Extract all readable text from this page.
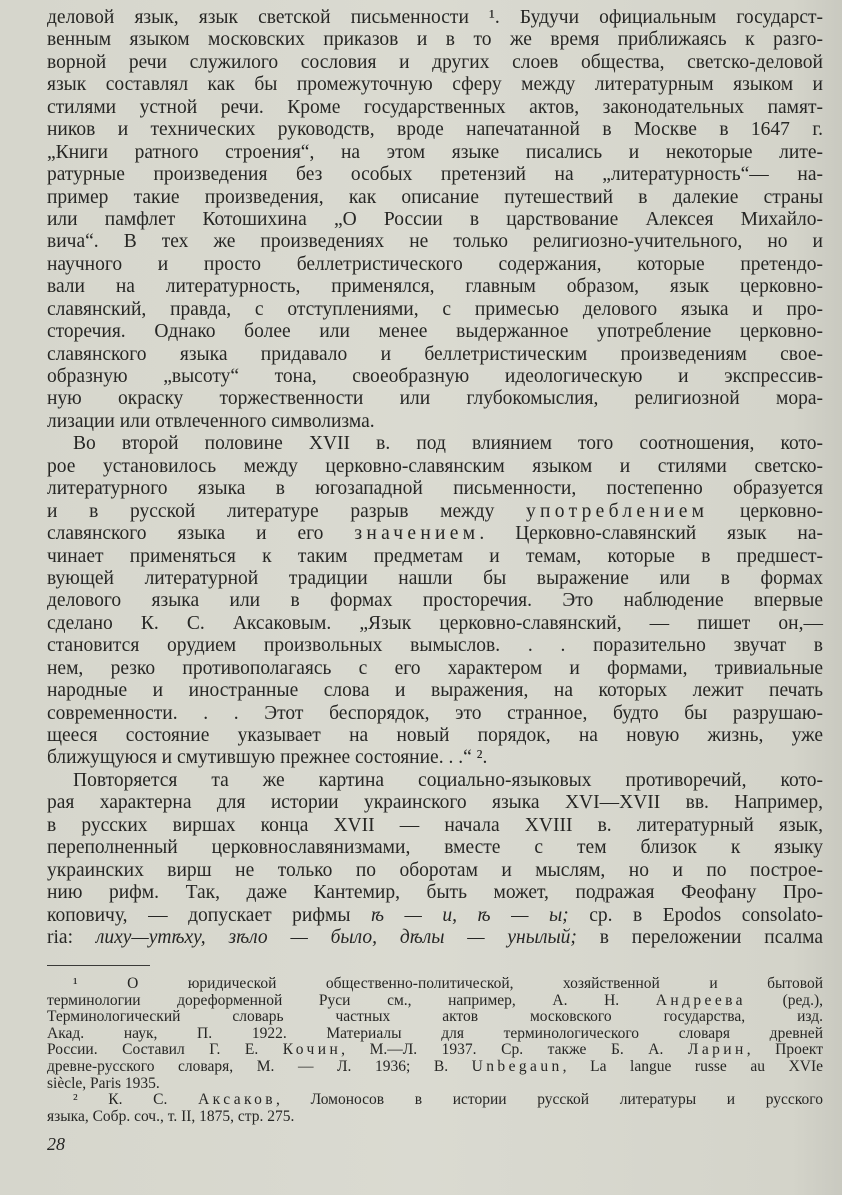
деловой язык, язык светской письменности ¹. Будучи официальным государст-
венным языком московских приказов и в то же время приближаясь к разго-
ворной речи служилого сословия и других слоев общества, светско-деловой
язык составлял как бы промежуточную сферу между литературным языком и
стилями устной речи. Кроме государственных актов, законодательных памят-
ников и технических руководств, вроде напечатанной в Москве в 1647 г.
„Книги ратного строения“, на этом языке писались и некоторые лите-
ратурные произведения без особых претензий на „литературность“— на-
пример такие произведения, как описание путешествий в далекие страны
или памфлет Котошихина „О России в царствование Алексея Михайло-
вича“. В тех же произведениях не только религиозно-учительного, но и
научного и просто беллетристического содержания, которые претендо-
вали на литературность, применялся, главным образом, язык церковно-
славянский, правда, с отступлениями, с примесью делового языка и про-
сторечия. Однако более или менее выдержанное употребление церковно-
славянского языка придавало и беллетристическим произведениям свое-
образную „высоту“ тона, своеобразную идеологическую и экспрессив-
ную окраску торжественности или глубокомыслия, религиозной мора-
лизации или отвлеченного символизма.
Во второй половине XVII в. под влиянием того соотношения, кото-
рое установилось между церковно-славянским языком и стилями светско-
литературного языка в югозападной письменности, постепенно образуется
и в русской литературе разрыв между употреблением церковно-
славянского языка и его значением. Церковно-славянский язык на-
чинает применяться к таким предметам и темам, которые в предшест-
вующей литературной традиции нашли бы выражение или в формах
делового языка или в формах просторечия. Это наблюдение впервые
сделано К. С. Аксаковым. „Язык церковно-славянский, — пишет он,—
становится орудием произвольных вымыслов. . . поразительно звучат в
нем, резко противополагаясь с его характером и формами, тривиальные
народные и иностранные слова и выражения, на которых лежит печать
современности. . . Этот беспорядок, это странное, будто бы разрушаю-
щееся состояние указывает на новый порядок, на новую жизнь, уже
ближущуюся и смутившую прежнее состояние. . .“ ².
Повторяется та же картина социально-языковых противоречий, кото-
рая характерна для истории украинского языка XVI—XVII вв. Например,
в русских виршах конца XVII — начала XVIII в. литературный язык,
переполненный церковнославянизмами, вместе с тем близок к языку
украинских вирш не только по оборотам и мыслям, но и по построе-
нию рифм. Так, даже Кантемир, быть может, подражая Феофану Про-
коповичу, — допускает рифмы ѣ — и, ѣ — ы; ср. в Epodos consolato-
ria: лиху—утѣху, зѣло — было, дѣлы — унылый; в переложении псалма
¹ О юридической общественно-политической, хозяйственной и бытовой
терминологии дореформенной Руси см., например, А. Н. Андреева (ред.),
Терминологический словарь частных актов московского государства, изд.
Акад. наук, П. 1922. Материалы для терминологического словаря древней
России. Составил Г. Е. Кочин, М.—Л. 1937. Ср. также Б. А. Ларин, Проект
древне-русского словаря, М. — Л. 1936; B. Unbegaun, La langue russe au XVIe
siècle, Paris 1935.
² К. С. Аксаков, Ломоносов в истории русской литературы и русского
языка, Собр. соч., т. II, 1875, стр. 275.
28
